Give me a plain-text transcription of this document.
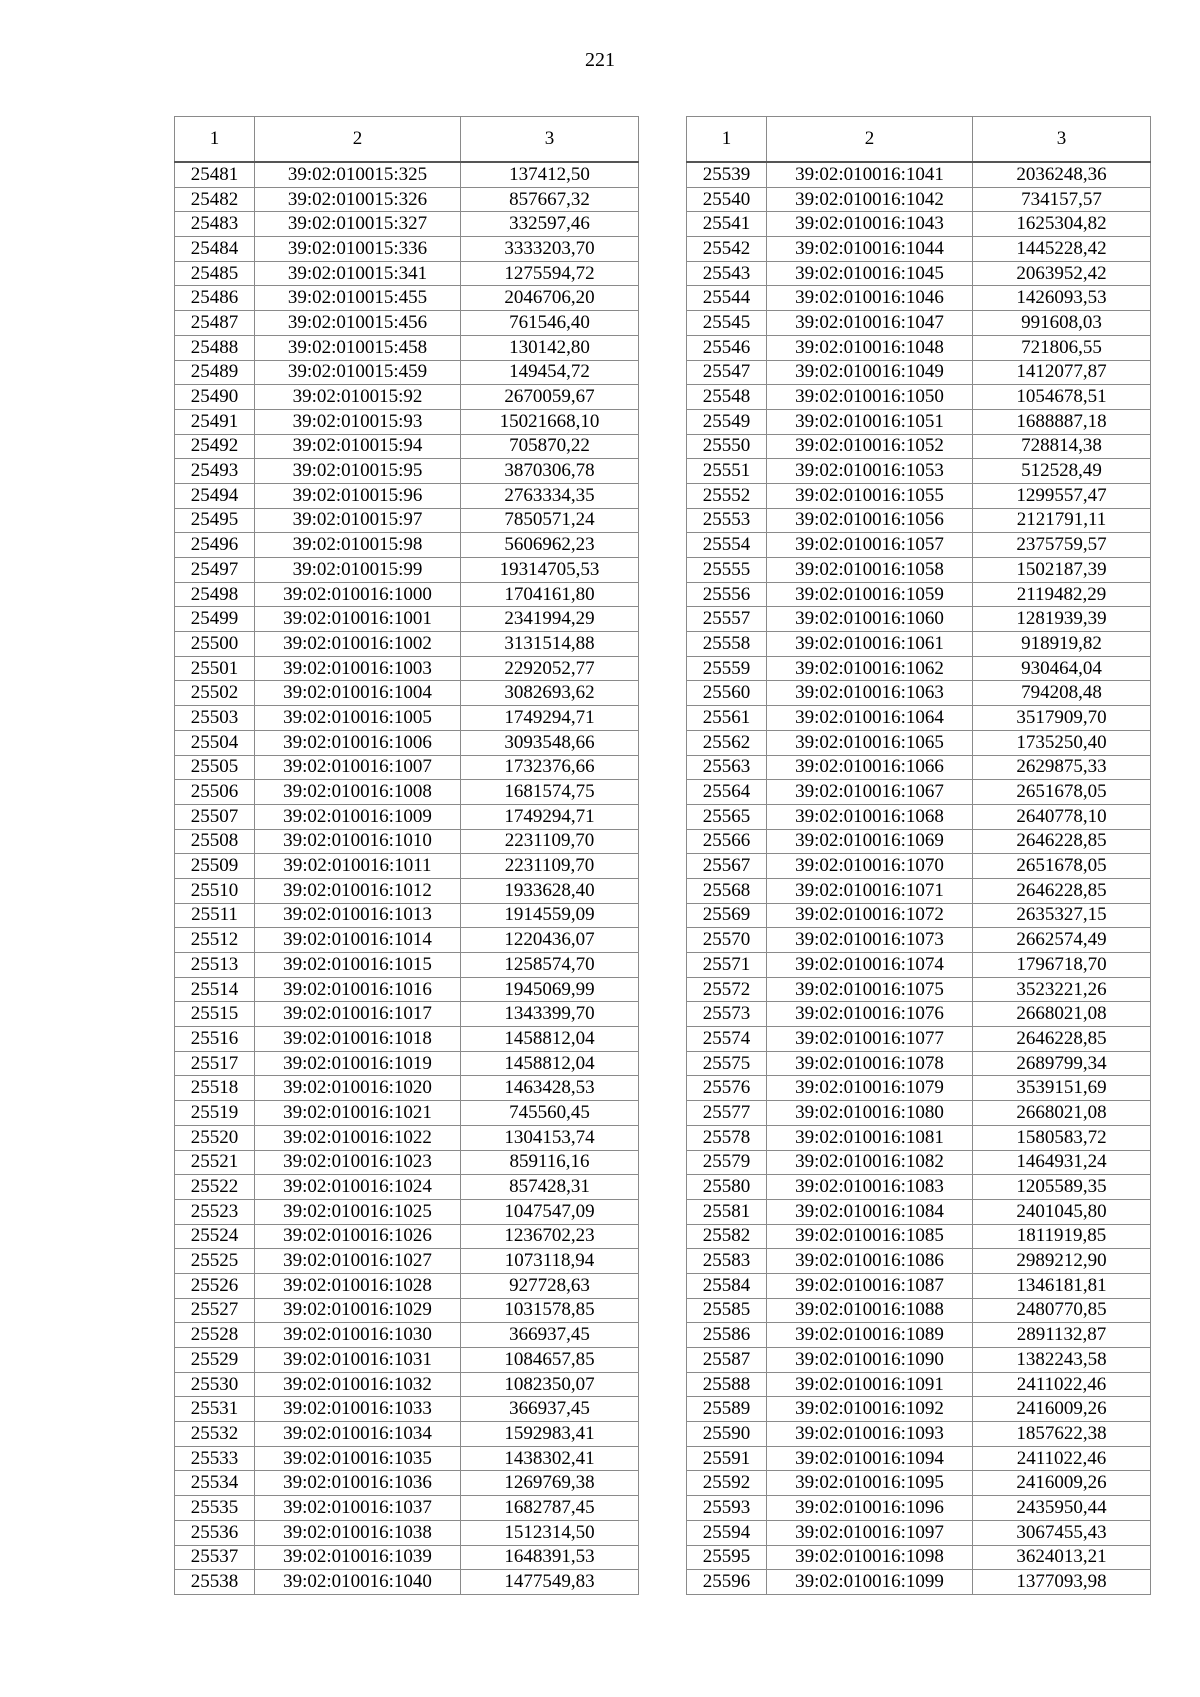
221
1	2	3
25481	39:02:010015:325	137412,50
25482	39:02:010015:326	857667,32
25483	39:02:010015:327	332597,46
25484	39:02:010015:336	3333203,70
25485	39:02:010015:341	1275594,72
25486	39:02:010015:455	2046706,20
25487	39:02:010015:456	761546,40
25488	39:02:010015:458	130142,80
25489	39:02:010015:459	149454,72
25490	39:02:010015:92	2670059,67
25491	39:02:010015:93	15021668,10
25492	39:02:010015:94	705870,22
25493	39:02:010015:95	3870306,78
25494	39:02:010015:96	2763334,35
25495	39:02:010015:97	7850571,24
25496	39:02:010015:98	5606962,23
25497	39:02:010015:99	19314705,53
25498	39:02:010016:1000	1704161,80
25499	39:02:010016:1001	2341994,29
25500	39:02:010016:1002	3131514,88
25501	39:02:010016:1003	2292052,77
25502	39:02:010016:1004	3082693,62
25503	39:02:010016:1005	1749294,71
25504	39:02:010016:1006	3093548,66
25505	39:02:010016:1007	1732376,66
25506	39:02:010016:1008	1681574,75
25507	39:02:010016:1009	1749294,71
25508	39:02:010016:1010	2231109,70
25509	39:02:010016:1011	2231109,70
25510	39:02:010016:1012	1933628,40
25511	39:02:010016:1013	1914559,09
25512	39:02:010016:1014	1220436,07
25513	39:02:010016:1015	1258574,70
25514	39:02:010016:1016	1945069,99
25515	39:02:010016:1017	1343399,70
25516	39:02:010016:1018	1458812,04
25517	39:02:010016:1019	1458812,04
25518	39:02:010016:1020	1463428,53
25519	39:02:010016:1021	745560,45
25520	39:02:010016:1022	1304153,74
25521	39:02:010016:1023	859116,16
25522	39:02:010016:1024	857428,31
25523	39:02:010016:1025	1047547,09
25524	39:02:010016:1026	1236702,23
25525	39:02:010016:1027	1073118,94
25526	39:02:010016:1028	927728,63
25527	39:02:010016:1029	1031578,85
25528	39:02:010016:1030	366937,45
25529	39:02:010016:1031	1084657,85
25530	39:02:010016:1032	1082350,07
25531	39:02:010016:1033	366937,45
25532	39:02:010016:1034	1592983,41
25533	39:02:010016:1035	1438302,41
25534	39:02:010016:1036	1269769,38
25535	39:02:010016:1037	1682787,45
25536	39:02:010016:1038	1512314,50
25537	39:02:010016:1039	1648391,53
25538	39:02:010016:1040	1477549,83
1	2	3
25539	39:02:010016:1041	2036248,36
25540	39:02:010016:1042	734157,57
25541	39:02:010016:1043	1625304,82
25542	39:02:010016:1044	1445228,42
25543	39:02:010016:1045	2063952,42
25544	39:02:010016:1046	1426093,53
25545	39:02:010016:1047	991608,03
25546	39:02:010016:1048	721806,55
25547	39:02:010016:1049	1412077,87
25548	39:02:010016:1050	1054678,51
25549	39:02:010016:1051	1688887,18
25550	39:02:010016:1052	728814,38
25551	39:02:010016:1053	512528,49
25552	39:02:010016:1055	1299557,47
25553	39:02:010016:1056	2121791,11
25554	39:02:010016:1057	2375759,57
25555	39:02:010016:1058	1502187,39
25556	39:02:010016:1059	2119482,29
25557	39:02:010016:1060	1281939,39
25558	39:02:010016:1061	918919,82
25559	39:02:010016:1062	930464,04
25560	39:02:010016:1063	794208,48
25561	39:02:010016:1064	3517909,70
25562	39:02:010016:1065	1735250,40
25563	39:02:010016:1066	2629875,33
25564	39:02:010016:1067	2651678,05
25565	39:02:010016:1068	2640778,10
25566	39:02:010016:1069	2646228,85
25567	39:02:010016:1070	2651678,05
25568	39:02:010016:1071	2646228,85
25569	39:02:010016:1072	2635327,15
25570	39:02:010016:1073	2662574,49
25571	39:02:010016:1074	1796718,70
25572	39:02:010016:1075	3523221,26
25573	39:02:010016:1076	2668021,08
25574	39:02:010016:1077	2646228,85
25575	39:02:010016:1078	2689799,34
25576	39:02:010016:1079	3539151,69
25577	39:02:010016:1080	2668021,08
25578	39:02:010016:1081	1580583,72
25579	39:02:010016:1082	1464931,24
25580	39:02:010016:1083	1205589,35
25581	39:02:010016:1084	2401045,80
25582	39:02:010016:1085	1811919,85
25583	39:02:010016:1086	2989212,90
25584	39:02:010016:1087	1346181,81
25585	39:02:010016:1088	2480770,85
25586	39:02:010016:1089	2891132,87
25587	39:02:010016:1090	1382243,58
25588	39:02:010016:1091	2411022,46
25589	39:02:010016:1092	2416009,26
25590	39:02:010016:1093	1857622,38
25591	39:02:010016:1094	2411022,46
25592	39:02:010016:1095	2416009,26
25593	39:02:010016:1096	2435950,44
25594	39:02:010016:1097	3067455,43
25595	39:02:010016:1098	3624013,21
25596	39:02:010016:1099	1377093,98
